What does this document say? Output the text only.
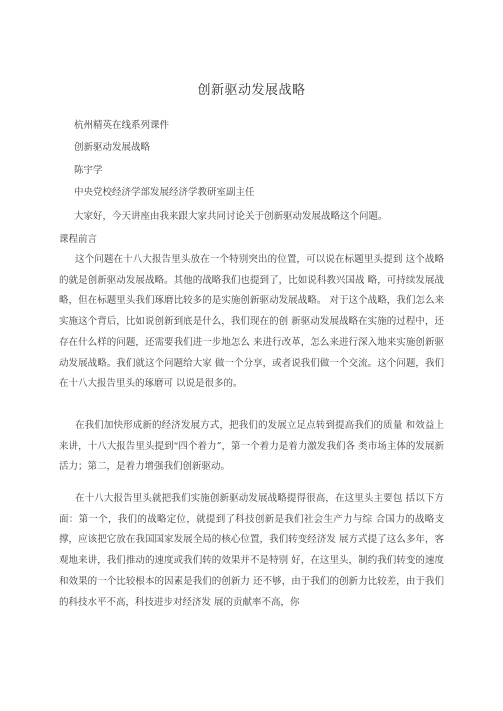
创新驱动发展战略
杭州精英在线系列课件
创新驱动发展战略
陈宇学
中央党校经济学部发展经济学教研室副主任
大家好，今天讲座由我来跟大家共同讨论关于创新驱动发展战略这个问题。
课程前言

这个问题在十八大报告里头放在一个特别突出的位置，可以说在标题里头提到 这个战略的就是创新驱动发展战略。其他的战略我们也提到了，比如说科教兴国战 略，可持续发展战略，但在标题里头我们琢磨比较多的是实施创新驱动发展战略。 对于这个战略，我们怎么来实施这个背后，比如说创新到底是什么，我们现在的创 新驱动发展战略在实施的过程中，还存在什么样的问题，还需要我们进一步地怎么 来进行改革，怎么来进行深入地来实施创新驱动发展战略。我们就这个问题给大家 做一个分享，或者说我们做一个交流。这个问题，我们在十八大报告里头的琢磨可 以说是很多的。

在我们加快形成新的经济发展方式，把我们的发展立足点转到提高我们的质量 和效益上来讲，十八大报告里头提到“四个着力”，第一个着力是着力激发我们各 类市场主体的发展新活力；第二，是着力增强我们创新驱动。

在十八大报告里头就把我们实施创新驱动发展战略提得很高，在这里头主要包 括以下方面：第一个，我们的战略定位，就提到了科技创新是我们社会生产力与综 合国力的战略支撑，应该把它放在我国国家发展全局的核心位置，我们转变经济发 展方式提了这么多年，客观地来讲，我们推动的速度或我们转的效果并不是特别 好，在这里头，制约我们转变的速度和效果的一个比较根本的因素是我们的创新力 还不够，由于我们的创新力比较差，由于我们的科技水平不高，科技进步对经济发 展的贡献率不高，你
